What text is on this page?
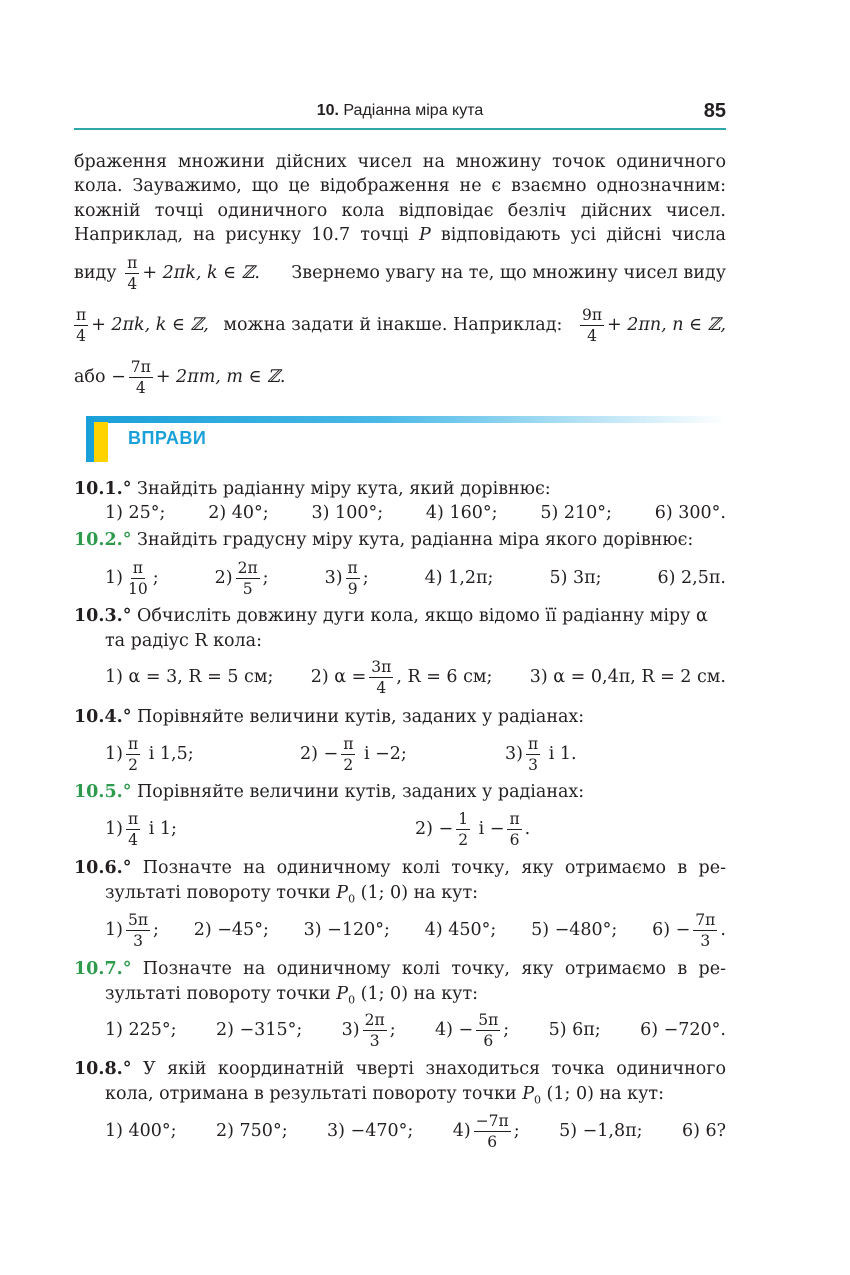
10. Радіанна міра кута	85
браження множини дійсних чисел на множину точок одиничного
кола. Зауважимо, що це відображення не є взаємно однозначним:
кожній точці одиничного кола відповідає безліч дійсних чисел.
Наприклад, на рисунку 10.7 точці P відповідають усі дійсні числа
виду $\frac{\pi}{4} + 2\pi k$, k ∈ ℤ. Звернемо увагу на те, що множину чисел виду
$\frac{\pi}{4} + 2\pi k$, k ∈ ℤ, можна задати й інакше. Наприклад: $\frac{9\pi}{4} + 2\pi n$, n ∈ ℤ,
або
− $\frac{7\pi}{4} + 2\pi m$, m ∈ ℤ.
ВПРАВИ
10.1.° Знайдіть радіанну міру кута, який дорівнює:
1) 25°; 2) 40°; 3) 100°; 4) 160°; 5) 210°; 6) 300°.
10.2.° Знайдіть градусну міру кута, радіанна міра якого дорівнює:
$1) \frac{\pi}{10}$ ;	$2) \frac{2\pi}{5}$ ;	$3) \frac{\pi}{9}$ ;	4) 1,2π;	5) 3π;	6) 2,5π.
10.3.° Обчисліть довжину дуги кола, якщо відомо її радіанну міру α
та радіус R кола:
1) α = 3, R = 5 см; 2) $\alpha = \frac{3\pi}{4}$ , R = 6 см; 3) α = 0,4π, R = 2 см.
10.4.° Порівняйте величини кутів, заданих у радіанах:
$1) \frac{\pi}{2}$ і 1,5;	$2) - \frac{\pi}{2}$ і −2;	$3) \frac{\pi}{3}$ і 1.
10.5.° Порівняйте величини кутів, заданих у радіанах:
$1) \frac{\pi}{4}$ і 1;	$2) - \frac{1}{2}$ $і - \frac{\pi}{6}$ .
10.6.° Позначте на одиничному колі точку, яку отримаємо в ре-
зультаті повороту точки $P_0$ (1; 0) на кут:
$1) \frac{5\pi}{3}$ ; 2) −45°; 3) −120°; 4) 450°; 5) −480°; $6) - \frac{7\pi}{3}$ .
10.7.° Позначте на одиничному колі точку, яку отримаємо в ре-
зультаті повороту точки $P_0$ (1; 0) на кут:
1) 225°; 2) −315°; $3) \frac{2\pi}{3}$ ; $4) - \frac{5\pi}{6}$ ; 5) 6π; 6) −720°.
10.8.° У якій координатній чверті знаходиться точка одиничного
кола, отримана в результаті повороту точки $P_0$ (1; 0) на кут:
1) 400°; 2) 750°; 3) −470°; $4) \frac{-7\pi}{6}$ ; 5) −1,8π; 6) 6?
